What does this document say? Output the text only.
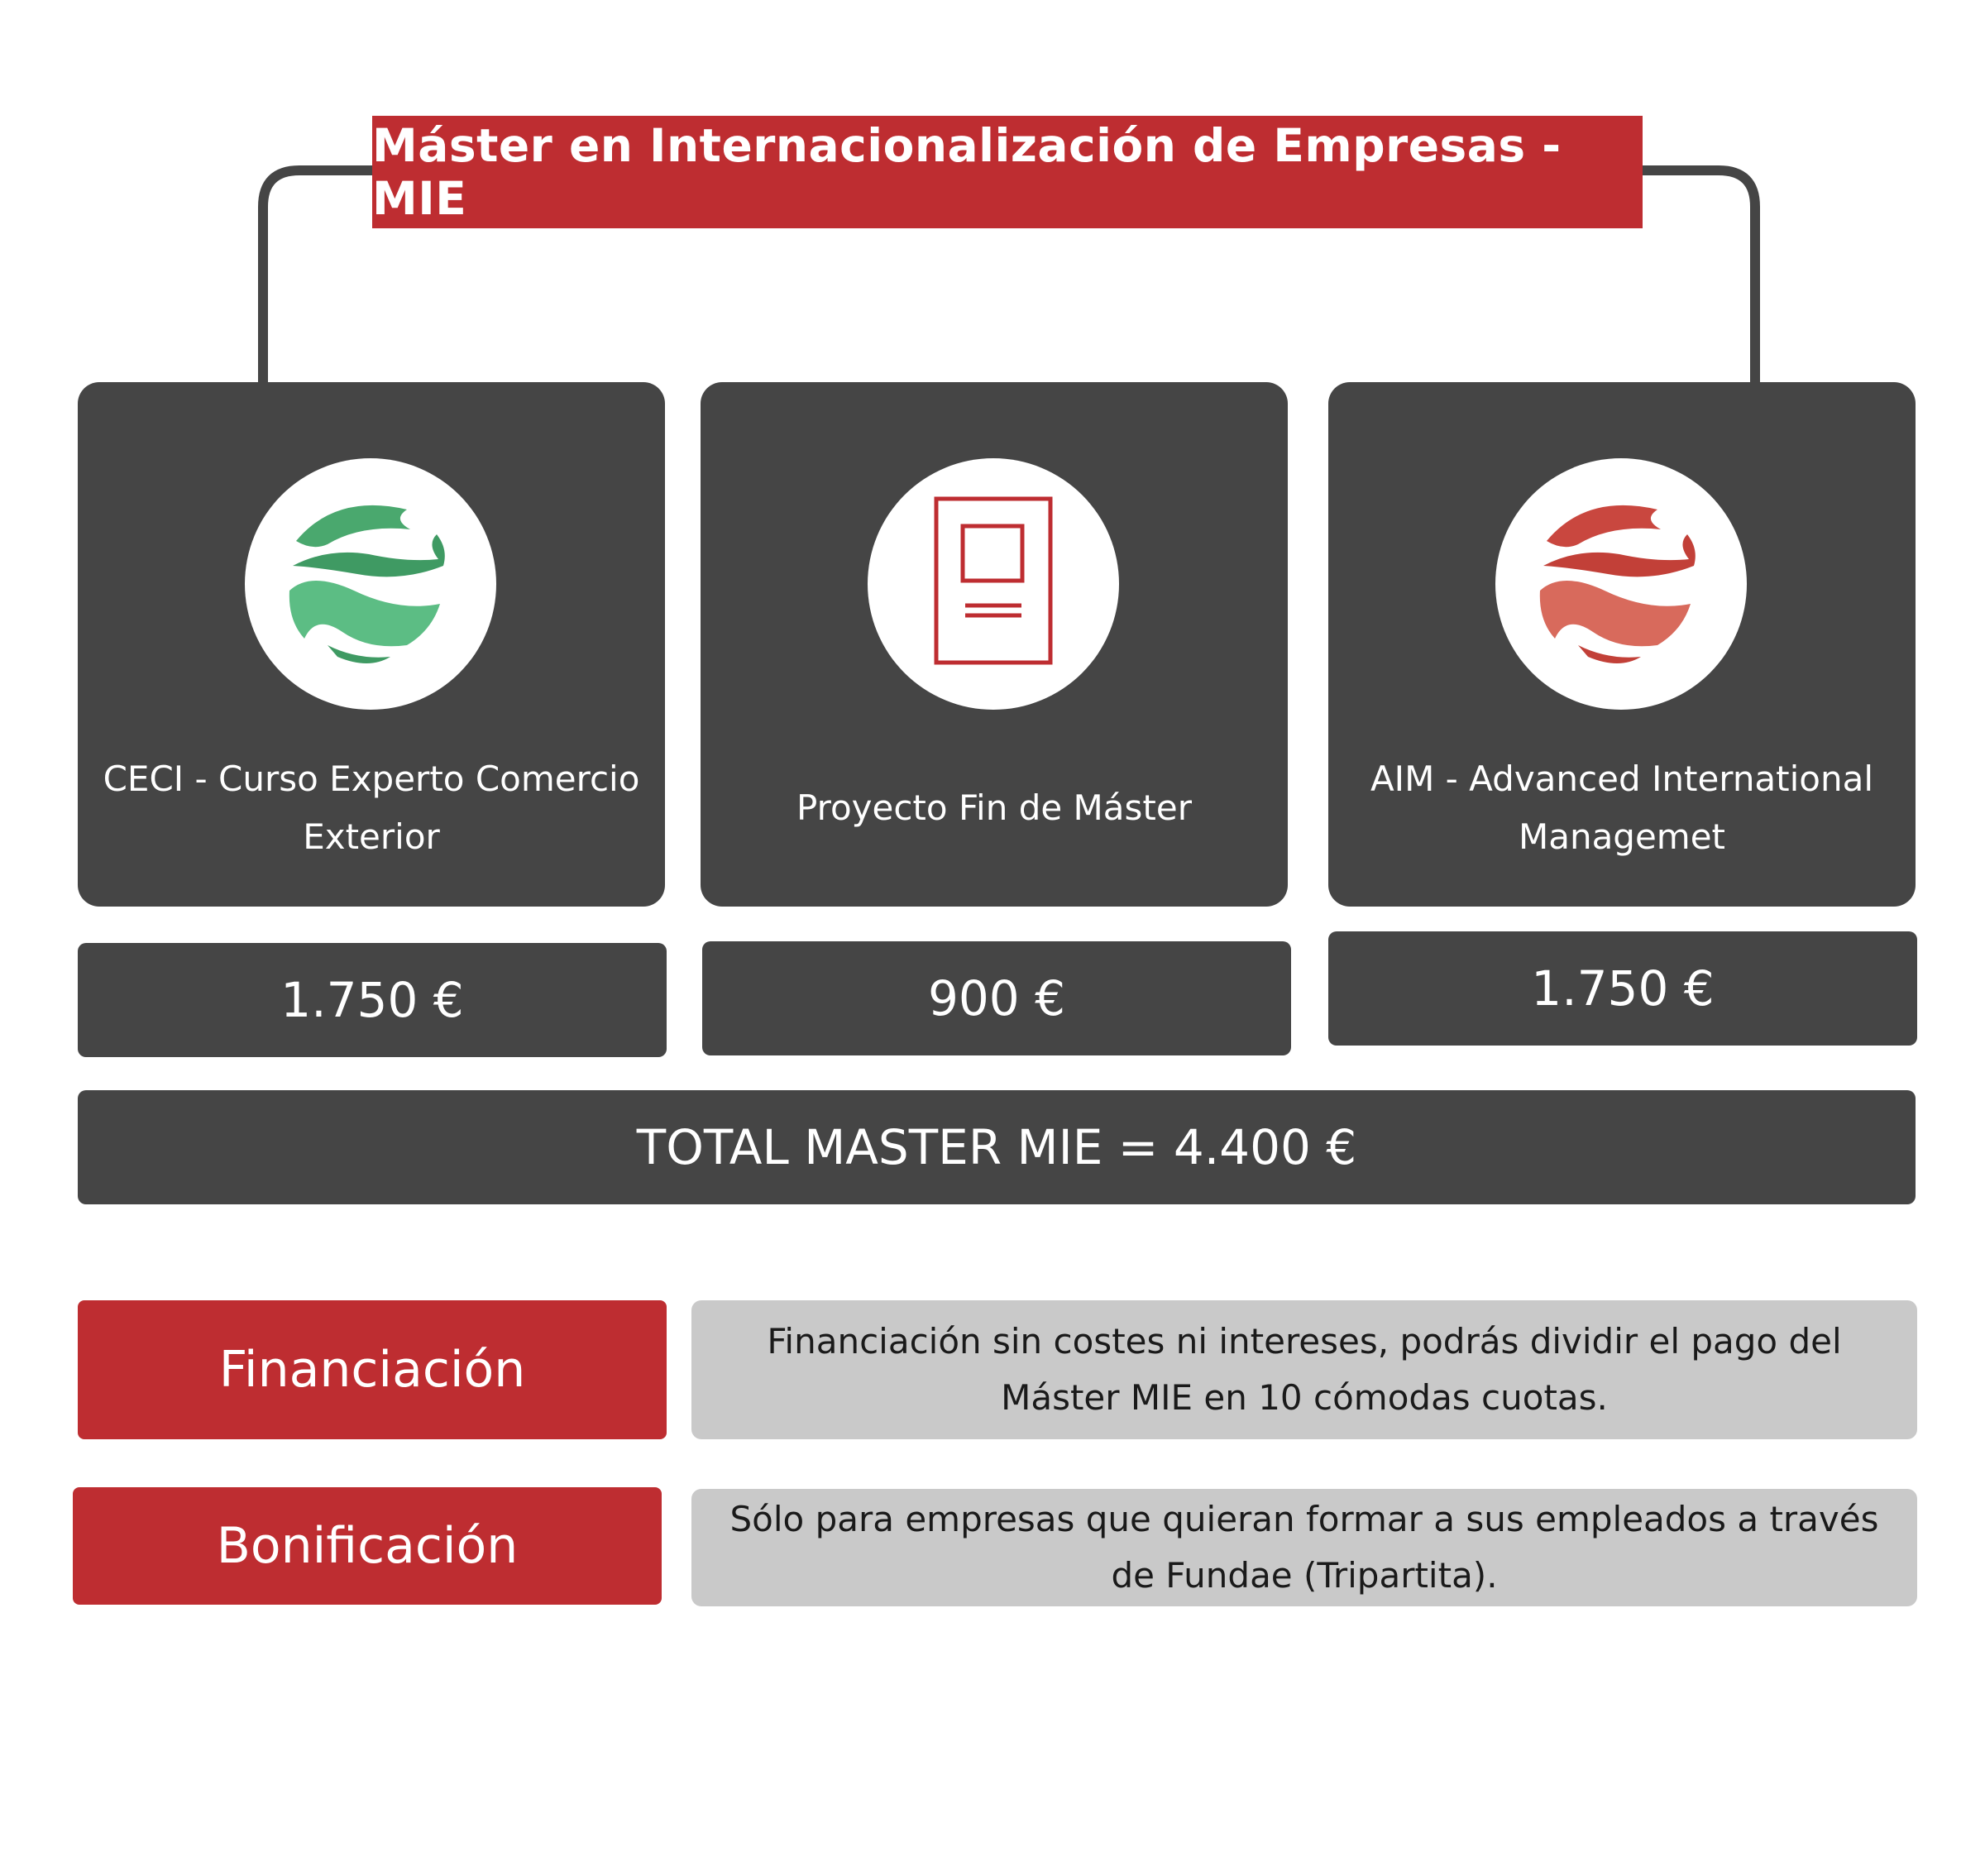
Máster en Internacionalización de Empresas - MIE
CECI - Curso Experto Comercio Exterior
Proyecto Fin de Máster
AIM - Advanced International Managemet
1.750 €	900 €	1.750 €
TOTAL MASTER MIE = 4.400 €
Financiación	Financiación sin costes ni intereses, podrás dividir el pago del Máster MIE en 10 cómodas cuotas.
Bonificación	Sólo para empresas que quieran formar a sus empleados a través de Fundae (Tripartita).
